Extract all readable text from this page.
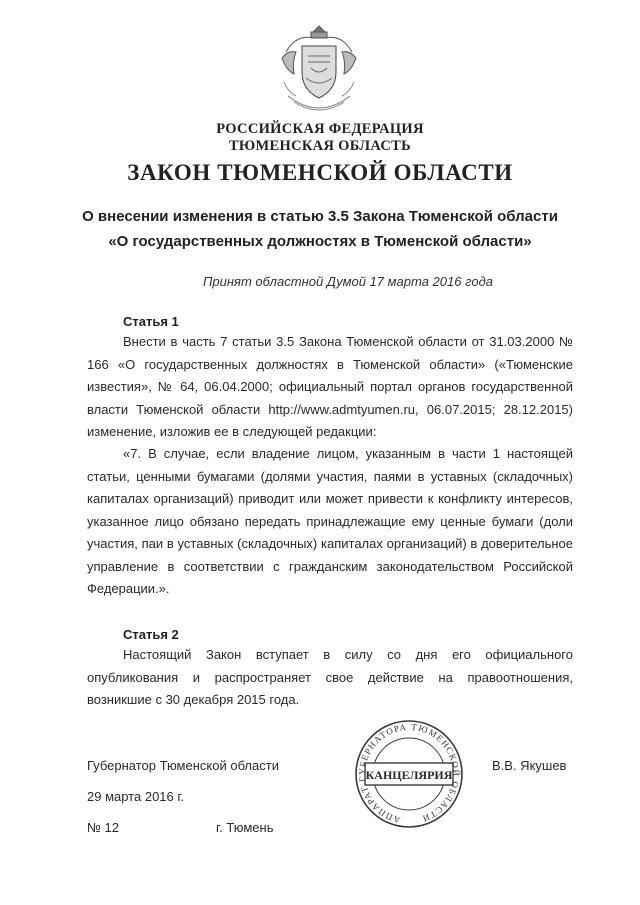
РОССИЙСКАЯ ФЕДЕРАЦИЯ
ТЮМЕНСКАЯ ОБЛАСТЬ
ЗАКОН ТЮМЕНСКОЙ ОБЛАСТИ
О внесении изменения в статью 3.5 Закона Тюменской области
«О государственных должностях в Тюменской области»
Принят областной Думой 17 марта 2016 года
Статья 1

Внести в часть 7 статьи 3.5 Закона Тюменской области от 31.03.2000 № 166 «О государственных должностях в Тюменской области» («Тюменские известия», № 64, 06.04.2000; официальный портал органов государственной власти Тюменской области http://www.admtyumen.ru, 06.07.2015; 28.12.2015) изменение, изложив ее в следующей редакции:

«7. В случае, если владение лицом, указанным в части 1 настоящей статьи, ценными бумагами (долями участия, паями в уставных (складочных) капиталах организаций) приводит или может привести к конфликту интересов, указанное лицо обязано передать принадлежащие ему ценные бумаги (доли участия, паи в уставных (складочных) капиталах организаций) в доверительное управление в соответствии с гражданским законодательством Российской Федерации.».

Статья 2

Настоящий Закон вступает в силу со дня его официального опубликования и распространяет свое действие на правоотношения, возникшие с 30 декабря 2015 года.

Губернатор Тюменской области	В.В. Якушев
29 марта 2016 г.
№ 12	г. Тюмень
АППАРАТ ГУБЕРНАТОРА ТЮМЕНСКОЙ ОБЛАСТИ
КАНЦЕЛЯРИЯ
